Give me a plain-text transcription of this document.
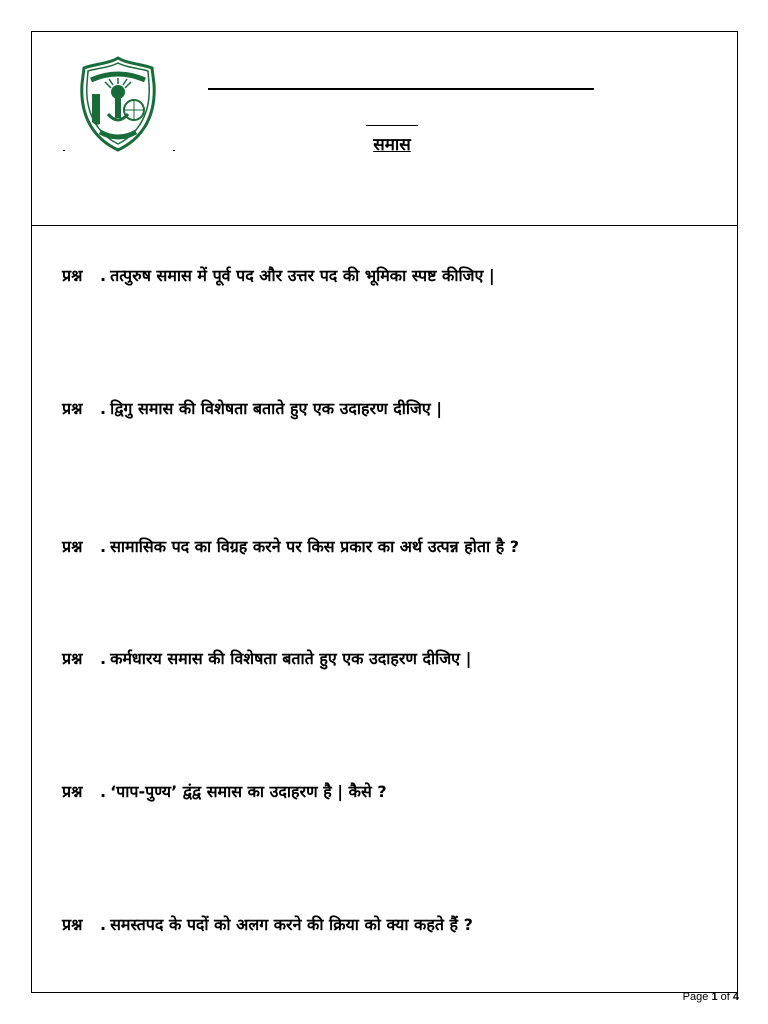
समास
प्रश्न . तत्पुरुष समास में पूर्व पद और उत्तर पद की भूमिका स्पष्ट कीजिए |
प्रश्न . द्विगु समास की विशेषता बताते हुए एक उदाहरण दीजिए |
प्रश्न . सामासिक पद का विग्रह करने पर किस प्रकार का अर्थ उत्पन्न होता है ?
प्रश्न . कर्मधारय समास की विशेषता बताते हुए एक उदाहरण दीजिए |
प्रश्न . ‘पाप-पुण्य’ द्वंद्व समास का उदाहरण है | कैसे ?
प्रश्न . समस्तपद के पदों को अलग करने की क्रिया को क्या कहते हैं ?
Page 1 of 4
